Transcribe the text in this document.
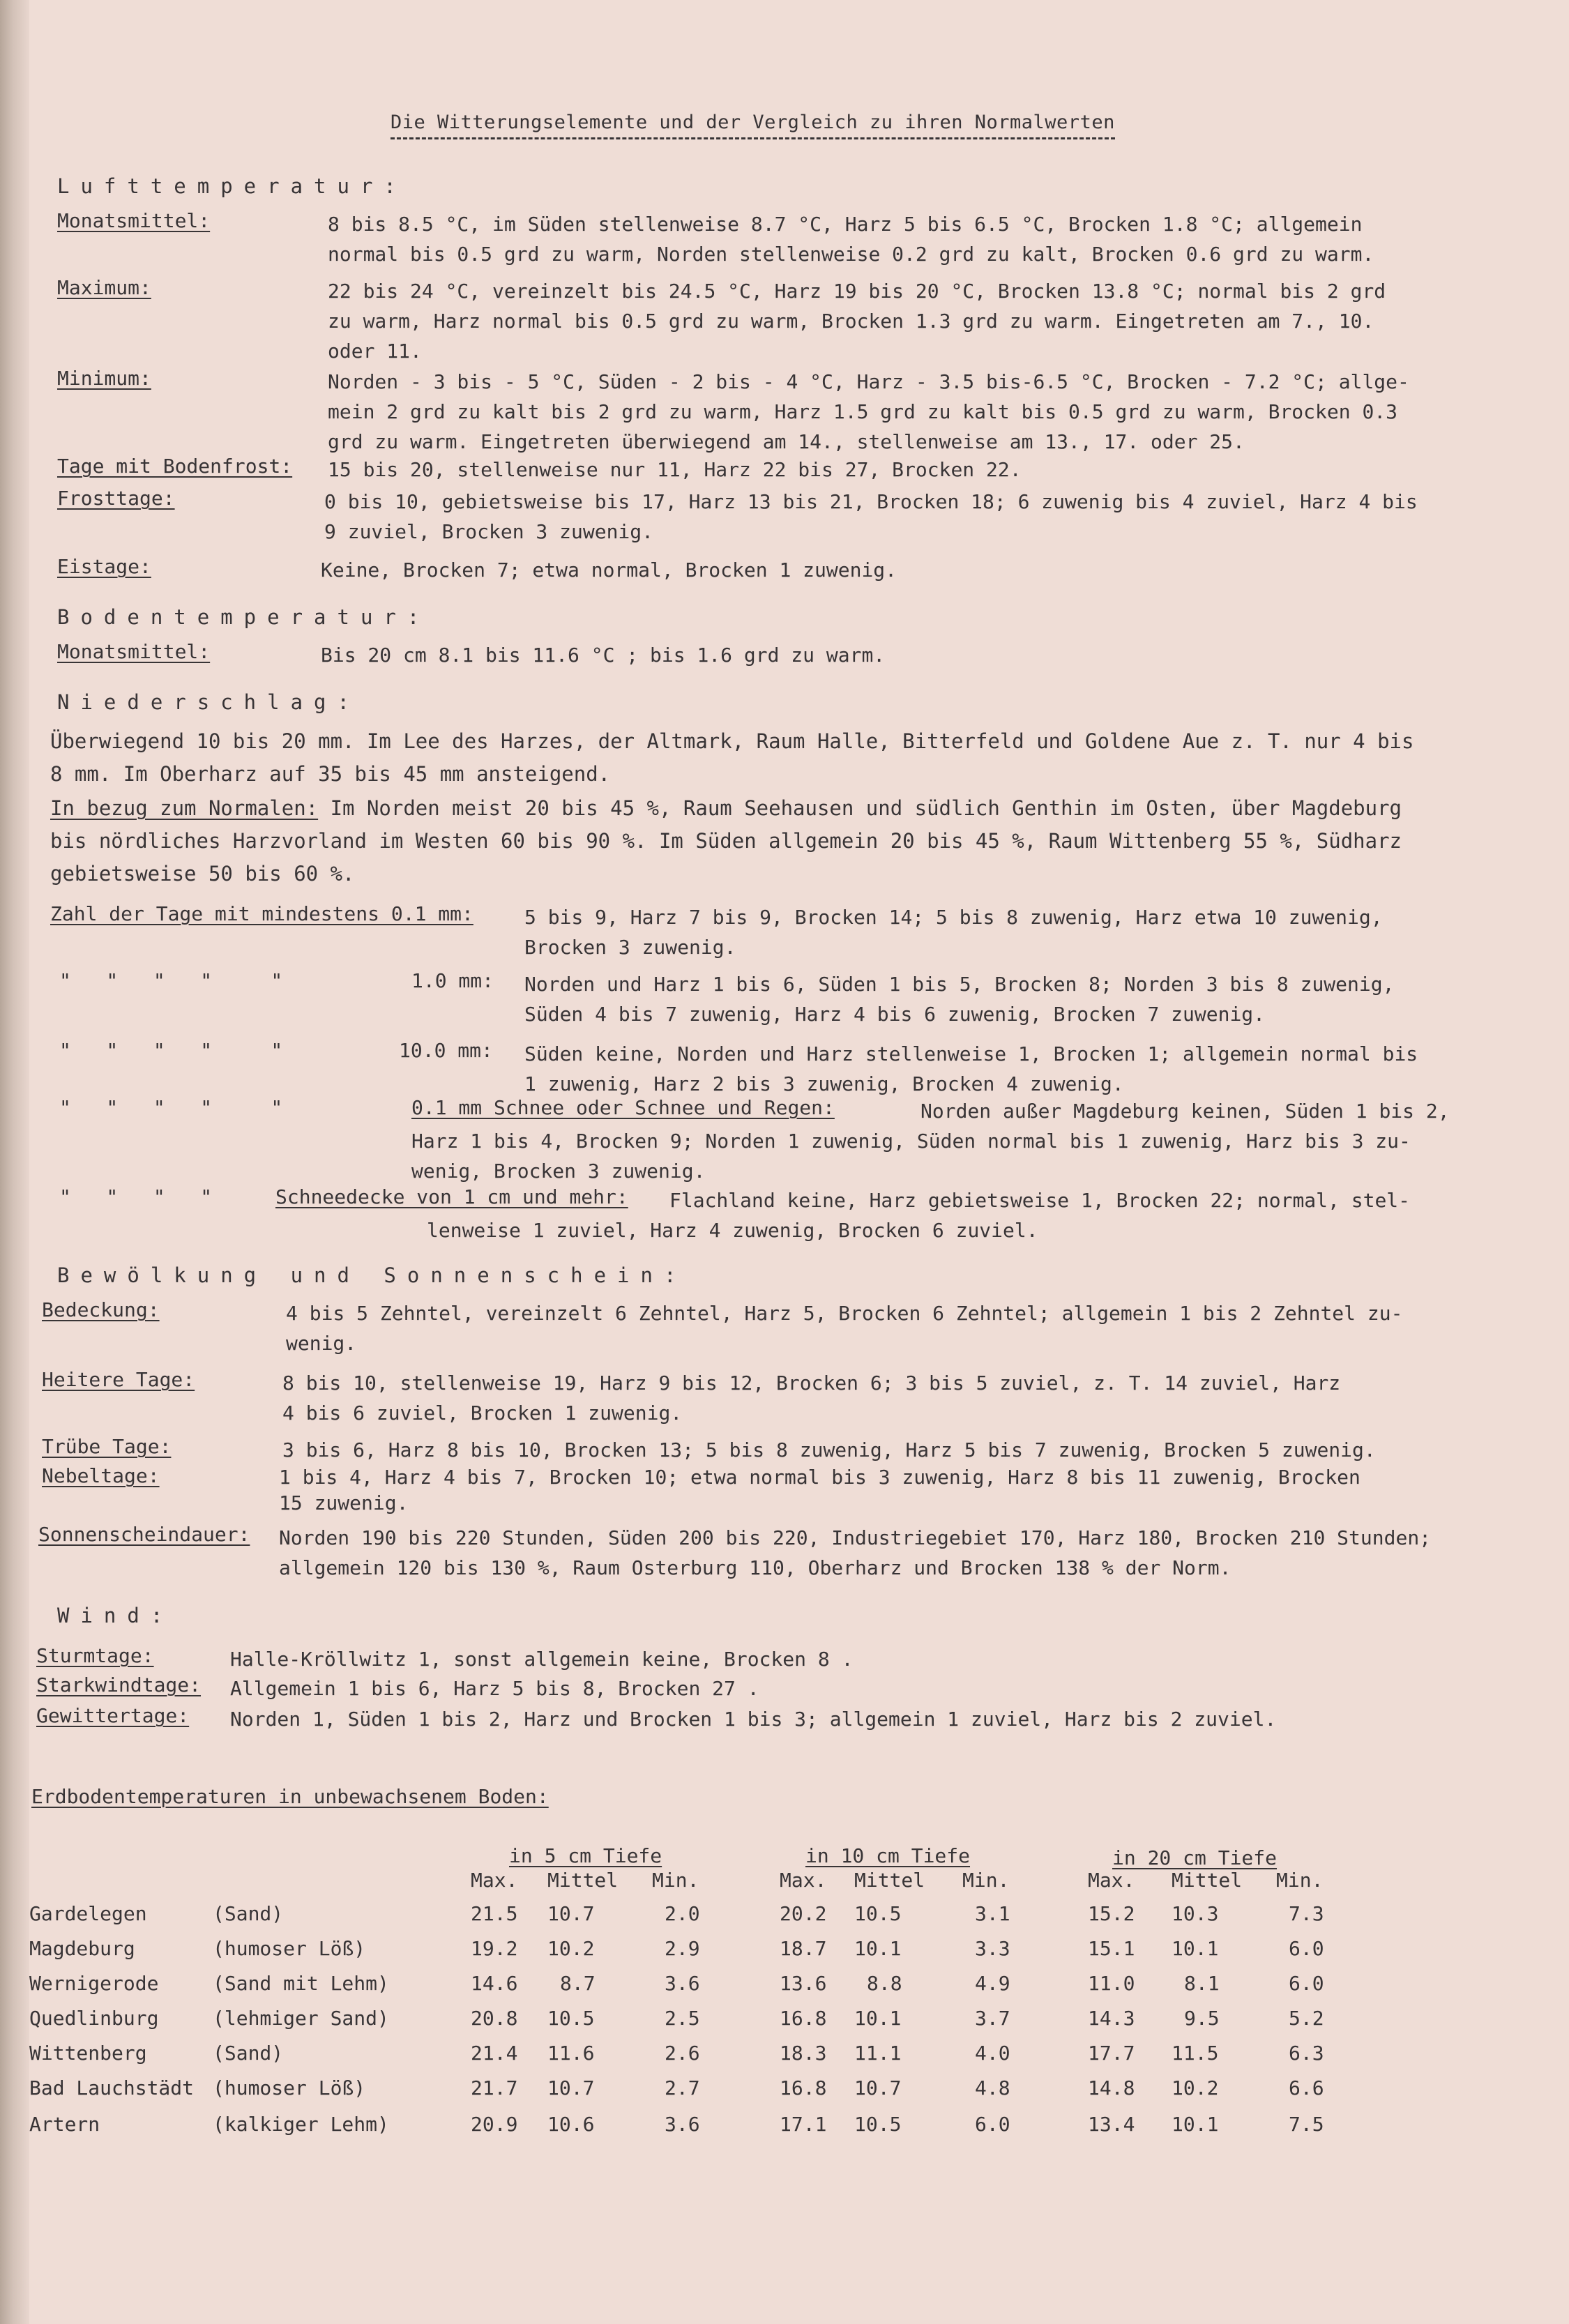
Die Witterungselemente und der Vergleich zu ihren Normalwerten
Lufttemperatur:
Monatsmittel:	8 bis 8.5 °C, im Süden stellenweise 8.7 °C, Harz 5 bis 6.5 °C, Brocken 1.8 °C; allgemein
normal bis 0.5 grd zu warm, Norden stellenweise 0.2 grd zu kalt, Brocken 0.6 grd zu warm.
Maximum:	22 bis 24 °C, vereinzelt bis 24.5 °C, Harz 19 bis 20 °C, Brocken 13.8 °C; normal bis 2 grd
zu warm, Harz normal bis 0.5 grd zu warm, Brocken 1.3 grd zu warm. Eingetreten am 7., 10.
oder 11.
Minimum:	Norden - 3 bis - 5 °C, Süden - 2 bis - 4 °C, Harz - 3.5 bis-6.5 °C, Brocken - 7.2 °C; allge-
mein 2 grd zu kalt bis 2 grd zu warm, Harz 1.5 grd zu kalt bis 0.5 grd zu warm, Brocken 0.3
grd zu warm. Eingetreten überwiegend am 14., stellenweise am 13., 17. oder 25.
Tage mit Bodenfrost: 15 bis 20, stellenweise nur 11, Harz 22 bis 27, Brocken 22.
Frosttage:	0 bis 10, gebietsweise bis 17, Harz 13 bis 21, Brocken 18; 6 zuwenig bis 4 zuviel, Harz 4 bis
9 zuviel, Brocken 3 zuwenig.
Eistage:	Keine, Brocken 7; etwa normal, Brocken 1 zuwenig.
Bodentemperatur:
Monatsmittel:	Bis 20 cm 8.1 bis 11.6 °C ; bis 1.6 grd zu warm.
Niederschlag:
Überwiegend 10 bis 20 mm. Im Lee des Harzes, der Altmark, Raum Halle, Bitterfeld und Goldene Aue z. T. nur 4 bis
8 mm. Im Oberharz auf 35 bis 45 mm ansteigend.
In bezug zum Normalen: Im Norden meist 20 bis 45 %, Raum Seehausen und südlich Genthin im Osten, über Magdeburg
bis nördliches Harzvorland im Westen 60 bis 90 %. Im Süden allgemein 20 bis 45 %, Raum Wittenberg 55 %, Südharz
gebietsweise 50 bis 60 %.
Zahl der Tage mit mindestens 0.1 mm:	5 bis 9, Harz 7 bis 9, Brocken 14; 5 bis 8 zuwenig, Harz etwa 10 zuwenig,
Brocken 3 zuwenig.
"   "   "   "     "	1.0 mm: Norden und Harz 1 bis 6, Süden 1 bis 5, Brocken 8; Norden 3 bis 8 zuwenig,
Süden 4 bis 7 zuwenig, Harz 4 bis 6 zuwenig, Brocken 7 zuwenig.
"   "   "   "     "	10.0 mm: Süden keine, Norden und Harz stellenweise 1, Brocken 1; allgemein normal bis
1 zuwenig, Harz 2 bis 3 zuwenig, Brocken 4 zuwenig.
"   "   "   "     "	0.1 mm Schnee oder Schnee und Regen:	Norden außer Magdeburg keinen, Süden 1 bis 2,
Harz 1 bis 4, Brocken 9; Norden 1 zuwenig, Süden normal bis 1 zuwenig, Harz bis 3 zu-
wenig, Brocken 3 zuwenig.
"   "   "   "	Schneedecke von 1 cm und mehr: Flachland keine, Harz gebietsweise 1, Brocken 22; normal, stel-
lenweise 1 zuviel, Harz 4 zuwenig, Brocken 6 zuviel.
Bewölkung und Sonnenschein:
Bedeckung:	4 bis 5 Zehntel, vereinzelt 6 Zehntel, Harz 5, Brocken 6 Zehntel; allgemein 1 bis 2 Zehntel zu-
wenig.
Heitere Tage:	8 bis 10, stellenweise 19, Harz 9 bis 12, Brocken 6; 3 bis 5 zuviel, z. T. 14 zuviel, Harz
4 bis 6 zuviel, Brocken 1 zuwenig.
Trübe Tage:	3 bis 6, Harz 8 bis 10, Brocken 13; 5 bis 8 zuwenig, Harz 5 bis 7 zuwenig, Brocken 5 zuwenig.
Nebeltage:	1 bis 4, Harz 4 bis 7, Brocken 10; etwa normal bis 3 zuwenig, Harz 8 bis 11 zuwenig, Brocken
15 zuwenig.
Sonnenscheindauer: Norden 190 bis 220 Stunden, Süden 200 bis 220, Industriegebiet 170, Harz 180, Brocken 210 Stunden;
allgemein 120 bis 130 %, Raum Osterburg 110, Oberharz und Brocken 138 % der Norm.
Wind:
Sturmtage:	Halle-Kröllwitz 1, sonst allgemein keine, Brocken 8 .
Starkwindtage: Allgemein 1 bis 6, Harz 5 bis 8, Brocken 27 .
Gewittertage: Norden 1, Süden 1 bis 2, Harz und Brocken 1 bis 3; allgemein 1 zuviel, Harz bis 2 zuviel.
Erdbodentemperaturen in unbewachsenem Boden:
in 5 cm Tiefe	in 10 cm Tiefe	in 20 cm Tiefe
Max. Mittel Min.	Max. Mittel Min.	Max. Mittel Min.
Gardelegen	(Sand)	21.5 10.7	2.0	20.2 10.5	3.1	15.2 10.3	7.3
Magdeburg	(humoser Löß)	19.2 10.2	2.9	18.7 10.1	3.3	15.1 10.1	6.0
Wernigerode	(Sand mit Lehm)	14.6 8.7	3.6	13.6 8.8	4.9	11.0	8.1	6.0
Quedlinburg	(lehmiger Sand)	20.8 10.5	2.5	16.8 10.1	3.7	14.3	9.5	5.2
Wittenberg	(Sand)	21.4 11.6	2.6	18.3 11.1	4.0	17.7 11.5	6.3
Bad Lauchstädt (humoser Löß)	21.7 10.7	2.7	16.8 10.7	4.8	14.8 10.2	6.6
Artern	(kalkiger Lehm)	20.9 10.6	3.6	17.1 10.5	6.0	13.4 10.1	7.5
